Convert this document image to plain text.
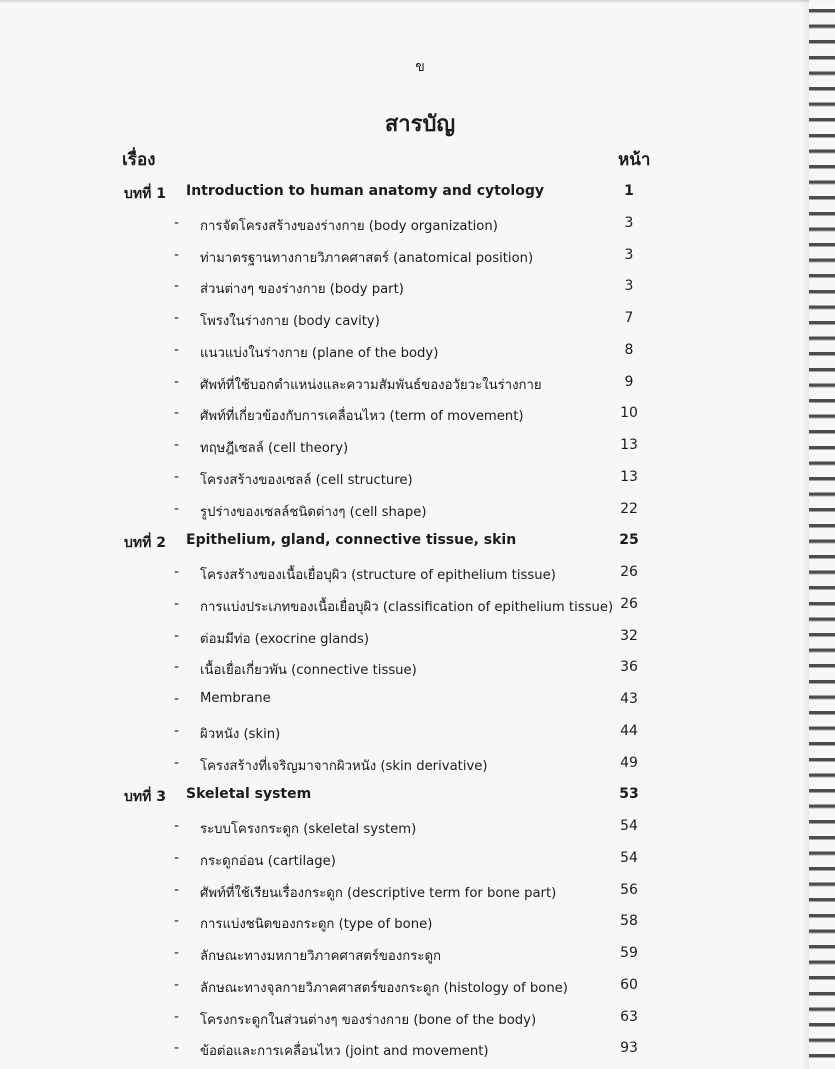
ข
สารบัญ
เรื่อง	หน้า
บทที่ 1 Introduction to human anatomy and cytology	1
- การจัดโครงสร้างของร่างกาย (body organization)	3
- ท่ามาตรฐานทางกายวิภาคศาสตร์ (anatomical position)	3
- ส่วนต่างๆ ของร่างกาย (body part)	3
- โพรงในร่างกาย (body cavity)	7
- แนวแบ่งในร่างกาย (plane of the body)	8
- ศัพท์ที่ใช้บอกตำแหน่งและความสัมพันธ์ของอวัยวะในร่างกาย	9
- ศัพท์ที่เกี่ยวข้องกับการเคลื่อนไหว (term of movement)	10
- ทฤษฎีเซลล์ (cell theory)	13
- โครงสร้างของเซลล์ (cell structure)	13
- รูปร่างของเซลล์ชนิดต่างๆ (cell shape)	22
บทที่ 2 Epithelium, gland, connective tissue, skin	25
- โครงสร้างของเนื้อเยื่อบุผิว (structure of epithelium tissue)	26
- การแบ่งประเภทของเนื้อเยื่อบุผิว (classification of epithelium tissue) 26
- ต่อมมีท่อ (exocrine glands)	32
- เนื้อเยื่อเกี่ยวพัน (connective tissue)	36
- Membrane	43
- ผิวหนัง (skin)	44
- โครงสร้างที่เจริญมาจากผิวหนัง (skin derivative)	49
บทที่ 3 Skeletal system	53
- ระบบโครงกระดูก (skeletal system)	54
- กระดูกอ่อน (cartilage)	54
- ศัพท์ที่ใช้เรียนเรื่องกระดูก (descriptive term for bone part)	56
- การแบ่งชนิดของกระดูก (type of bone)	58
- ลักษณะทางมหกายวิภาคศาสตร์ของกระดูก	59
- ลักษณะทางจุลกายวิภาคศาสตร์ของกระดูก (histology of bone)	60
- โครงกระดูกในส่วนต่างๆ ของร่างกาย (bone of the body)	63
- ข้อต่อและการเคลื่อนไหว (joint and movement)	93
